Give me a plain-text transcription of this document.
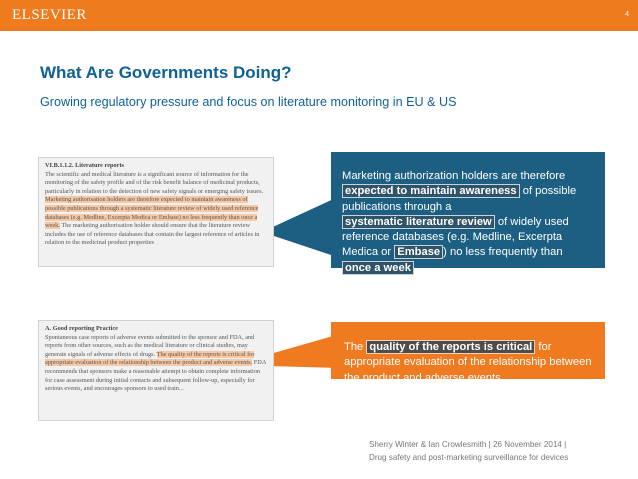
ELSEVIER	4
What Are Governments Doing?
Growing regulatory pressure and focus on literature monitoring in EU & US
VI.B.1.1.2. Literature reports
The scientific and medical literature is a significant source of information for the monitoring of the safety profile and of the risk benefit balance of medicinal products, particularly in relation to the detection of new safety signals or emerging safety issues. Marketing authorisation holders are therefore expected to maintain awareness of possible publications through a systematic literature review of widely used reference databases (e.g. Medline, Excerpta Medica or Embase) no less frequently than once a week. The marketing authorisation holder should ensure that the literature review includes the use of reference databases that contain the largest reference of articles in relation to the medicinal product properties
A. Good reporting Practice
Spontaneous case reports of adverse events submitted to the sponsor and FDA, and reports from other sources, such as the medical literature or clinical studies, may generate signals of adverse effects of drugs. The quality of the reports is critical for appropriate evaluation of the relationship between the product and adverse events. FDA recommends that sponsors make a reasonable attempt to obtain complete information for case assessment during initial contacts and subsequent follow-up, especially for serious events, and encourages sponsors to used train...
Marketing authorization holders are therefore expected to maintain awareness of possible publications through a systematic literature review of widely used reference databases (e.g. Medline, Excerpta Medica or Embase ) no less frequently than once a week .
The quality of the reports is critical for appropriate evaluation of the relationship between the product and adverse events.
Sherry Winter & Ian Crowlesmith | 26 November 2014 |
Drug safety and post-marketing surveillance for devices
